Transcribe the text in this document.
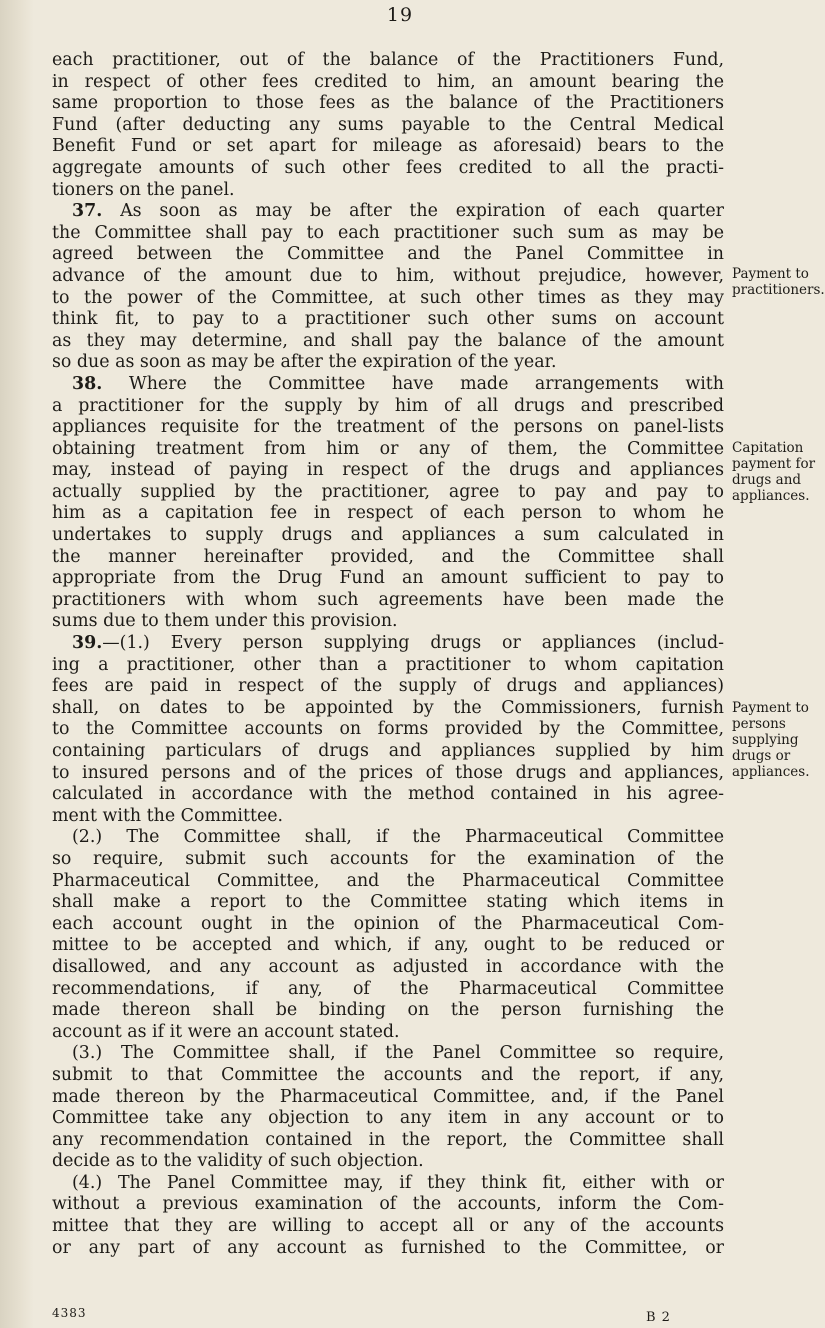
19
each practitioner, out of the balance of the Practitioners Fund,
in respect of other fees credited to him, an amount bearing the
same proportion to those fees as the balance of the Practitioners
Fund (after deducting any sums payable to the Central Medical
Benefit Fund or set apart for mileage as aforesaid) bears to the
aggregate amounts of such other fees credited to all the practi-
tioners on the panel.
37. As soon as may be after the expiration of each quarter
the Committee shall pay to each practitioner such sum as may be
agreed between the Committee and the Panel Committee in
advance of the amount due to him, without prejudice, however,
to the power of the Committee, at such other times as they may
think fit, to pay to a practitioner such other sums on account
as they may determine, and shall pay the balance of the amount
so due as soon as may be after the expiration of the year.
38. Where the Committee have made arrangements with
a practitioner for the supply by him of all drugs and prescribed
appliances requisite for the treatment of the persons on panel-lists
obtaining treatment from him or any of them, the Committee
may, instead of paying in respect of the drugs and appliances
actually supplied by the practitioner, agree to pay and pay to
him as a capitation fee in respect of each person to whom he
undertakes to supply drugs and appliances a sum calculated in
the manner hereinafter provided, and the Committee shall
appropriate from the Drug Fund an amount sufficient to pay to
practitioners with whom such agreements have been made the
sums due to them under this provision.
39.—(1.) Every person supplying drugs or appliances (includ-
ing a practitioner, other than a practitioner to whom capitation
fees are paid in respect of the supply of drugs and appliances)
shall, on dates to be appointed by the Commissioners, furnish
to the Committee accounts on forms provided by the Committee,
containing particulars of drugs and appliances supplied by him
to insured persons and of the prices of those drugs and appliances,
calculated in accordance with the method contained in his agree-
ment with the Committee.
(2.) The Committee shall, if the Pharmaceutical Committee
so require, submit such accounts for the examination of the
Pharmaceutical Committee, and the Pharmaceutical Committee
shall make a report to the Committee stating which items in
each account ought in the opinion of the Pharmaceutical Com-
mittee to be accepted and which, if any, ought to be reduced or
disallowed, and any account as adjusted in accordance with the
recommendations, if any, of the Pharmaceutical Committee
made thereon shall be binding on the person furnishing the
account as if it were an account stated.
(3.) The Committee shall, if the Panel Committee so require,
submit to that Committee the accounts and the report, if any,
made thereon by the Pharmaceutical Committee, and, if the Panel
Committee take any objection to any item in any account or to
any recommendation contained in the report, the Committee shall
decide as to the validity of such objection.
(4.) The Panel Committee may, if they think fit, either with or
without a previous examination of the accounts, inform the Com-
mittee that they are willing to accept all or any of the accounts
or any part of any account as furnished to the Committee, or
Payment to
practitioners.
Capitation
payment for
drugs and
appliances.
Payment to
persons
supplying
drugs or
appliances.
4383	B 2
